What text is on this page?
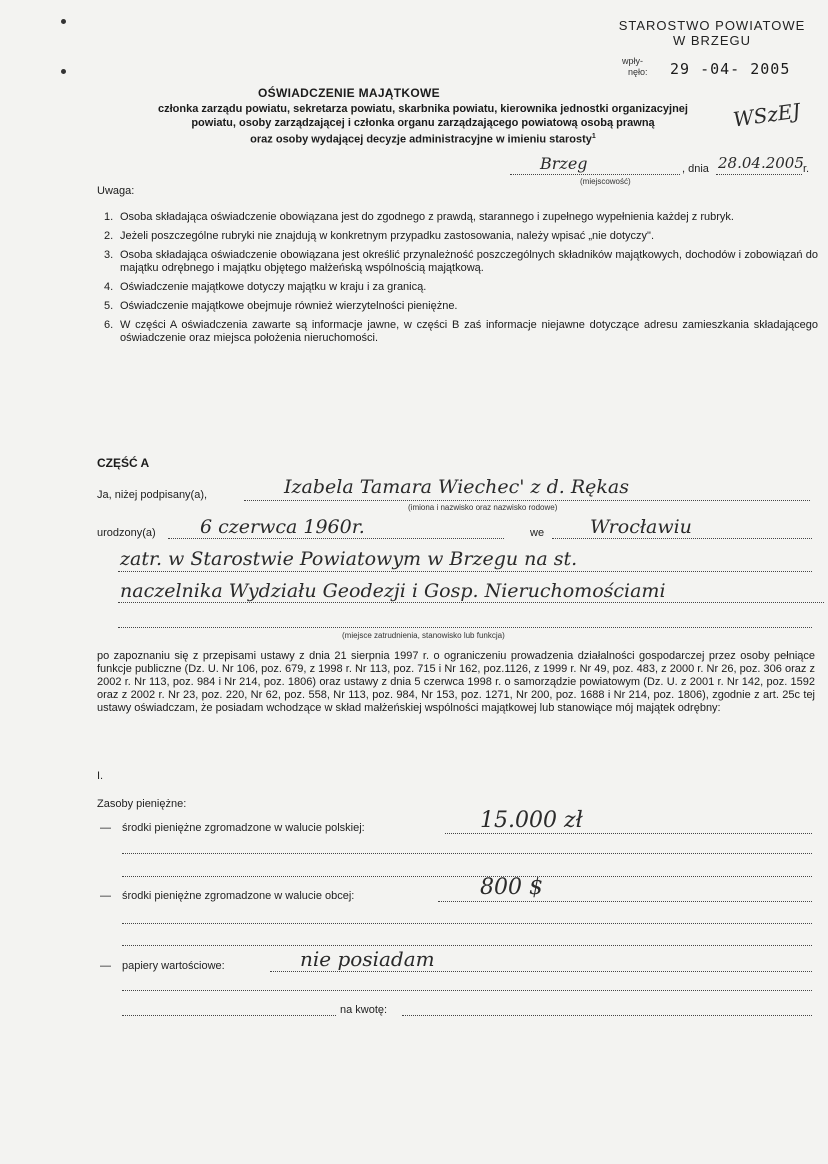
STAROSTWO POWIATOWE
W BRZEGU
wpły-
nęło: 29 -04- 2005
WSzEJ
OŚWIADCZENIE MAJĄTKOWE
członka zarządu powiatu, sekretarza powiatu, skarbnika powiatu, kierownika jednostki organizacyjnej
powiatu, osoby zarządzającej i członka organu zarządzającego powiatową osobą prawną
oraz osoby wydającej decyzje administracyjne w imieniu starosty$^1$
Brzeg	, dnia 28.04.2005 r.
(miejscowość)
Uwaga:
1. Osoba składająca oświadczenie obowiązana jest do zgodnego z prawdą, starannego i zupełnego wypełnienia każdej z rubryk.
2. Jeżeli poszczególne rubryki nie znajdują w konkretnym przypadku zastosowania, należy wpisać „nie dotyczy".
3. Osoba składająca oświadczenie obowiązana jest określić przynależność poszczególnych składników majątkowych, dochodów i zobowiązań do majątku odrębnego i majątku objętego małżeńską wspólnością majątkową.
4. Oświadczenie majątkowe dotyczy majątku w kraju i za granicą.
5. Oświadczenie majątkowe obejmuje również wierzytelności pieniężne.
6. W części A oświadczenia zawarte są informacje jawne, w części B zaś informacje niejawne dotyczące adresu zamieszkania składającego oświadczenie oraz miejsca położenia nieruchomości.
CZĘŚĆ A
Ja, niżej podpisany(a),	Izabela Tamara Wiechec' z d. Rękas
(imiona i nazwisko oraz nazwisko rodowe)
urodzony(a) 6 czerwca 1960r.	we Wrocławiu
zatr. w Starostwie Powiatowym w Brzegu na st.
naczelnika Wydziału Geodezji i Gosp. Nieruchomościami
(miejsce zatrudnienia, stanowisko lub funkcja)
po zapoznaniu się z przepisami ustawy z dnia 21 sierpnia 1997 r. o ograniczeniu prowadzenia działalności gospodarczej przez osoby pełniące funkcje publiczne (Dz. U. Nr 106, poz. 679, z 1998 r. Nr 113, poz. 715 i Nr 162, poz.1126, z 1999 r. Nr 49, poz. 483, z 2000 r. Nr 26, poz. 306 oraz z 2002 r. Nr 113, poz. 984 i Nr 214, poz. 1806) oraz ustawy z dnia 5 czerwca 1998 r. o samorządzie powiatowym (Dz. U. z 2001 r. Nr 142, poz. 1592 oraz z 2002 r. Nr 23, poz. 220, Nr 62, poz. 558, Nr 113, poz. 984, Nr 153, poz. 1271, Nr 200, poz. 1688 i Nr 214, poz. 1806), zgodnie z art. 25c tej ustawy oświadczam, że posiadam wchodzące w skład małżeńskiej wspólności majątkowej lub stanowiące mój majątek odrębny:
I.
Zasoby pieniężne:
— środki pieniężne zgromadzone w walucie polskiej:	15.000 zł
— środki pieniężne zgromadzone w walucie obcej:	800 $
— papiery wartościowe:	nie posiadam
na kwotę:
